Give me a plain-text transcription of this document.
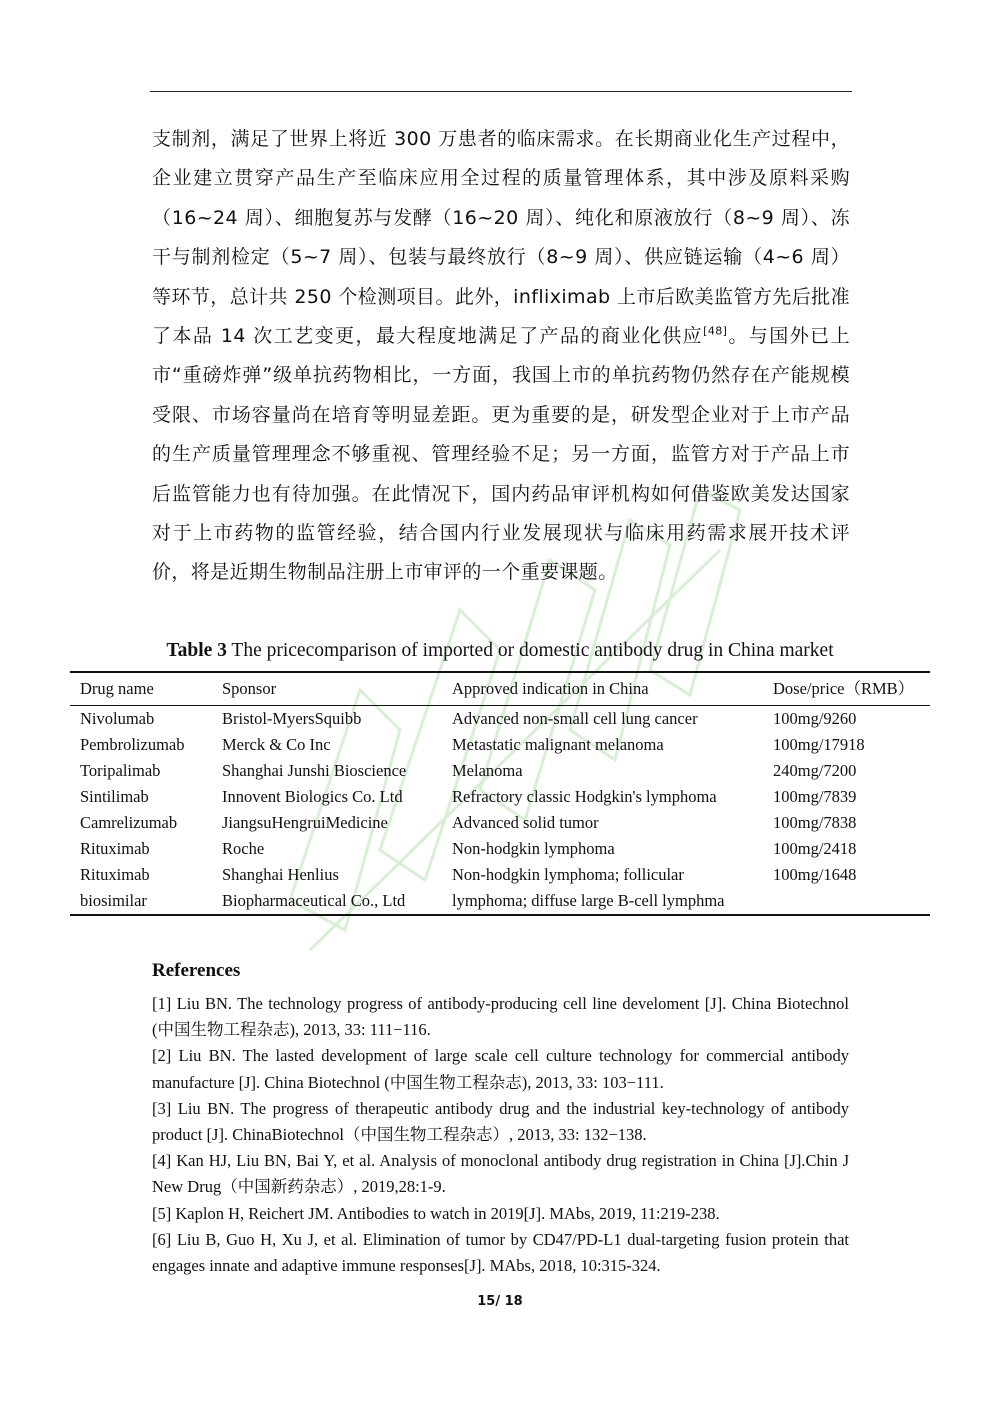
支制剂，满足了世界上将近 300 万患者的临床需求。在长期商业化生产过程中，企业建立贯穿产品生产至临床应用全过程的质量管理体系，其中涉及原料采购（16~24 周）、细胞复苏与发酵（16~20 周）、纯化和原液放行（8~9 周）、冻干与制剂检定（5~7 周）、包装与最终放行（8~9 周）、供应链运输（4~6 周）等环节，总计共 250 个检测项目。此外，infliximab 上市后欧美监管方先后批准了本品 14 次工艺变更，最大程度地满足了产品的商业化供应[48]。与国外已上市“重磅炸弹”级单抗药物相比，一方面，我国上市的单抗药物仍然存在产能规模受限、市场容量尚在培育等明显差距。更为重要的是，研发型企业对于上市产品的生产质量管理理念不够重视、管理经验不足；另一方面，监管方对于产品上市后监管能力也有待加强。在此情况下，国内药品审评机构如何借鉴欧美发达国家对于上市药物的监管经验，结合国内行业发展现状与临床用药需求展开技术评价，将是近期生物制品注册上市审评的一个重要课题。
Table 3 The pricecomparison of imported or domestic antibody drug in China market
Drug name	Sponsor	Approved indication in China	Dose/price（RMB）
Nivolumab	Bristol-MyersSquibb	Advanced non-small cell lung cancer	100mg/9260
Pembrolizumab	Merck & Co Inc	Metastatic malignant melanoma	100mg/17918
Toripalimab	Shanghai Junshi Bioscience	Melanoma	240mg/7200
Sintilimab	Innovent Biologics Co. Ltd	Refractory classic Hodgkin's lymphoma	100mg/7839
Camrelizumab	JiangsuHengruiMedicine	Advanced solid tumor	100mg/7838
Rituximab	Roche	Non-hodgkin lymphoma	100mg/2418
Rituximab	Shanghai Henlius	Non-hodgkin lymphoma; follicular	100mg/1648
biosimilar	Biopharmaceutical Co., Ltd	lymphoma; diffuse large B-cell lymphma	
References

[1] Liu BN. The technology progress of antibody-producing cell line develoment [J]. China Biotechnol (中国生物工程杂志), 2013, 33: 111−116.

[2] Liu BN. The lasted development of large scale cell culture technology for commercial antibody manufacture [J]. China Biotechnol (中国生物工程杂志), 2013, 33: 103−111.

[3] Liu BN. The progress of therapeutic antibody drug and the industrial key-technology of antibody product [J]. ChinaBiotechnol（中国生物工程杂志）, 2013, 33: 132−138.

[4] Kan HJ, Liu BN, Bai Y, et al. Analysis of monoclonal antibody drug registration in China [J].Chin J New Drug（中国新药杂志）, 2019,28:1-9.

[5] Kaplon H, Reichert JM. Antibodies to watch in 2019[J]. MAbs, 2019, 11:219-238.

[6] Liu B, Guo H, Xu J, et al. Elimination of tumor by CD47/PD-L1 dual-targeting fusion protein that engages innate and adaptive immune responses[J]. MAbs, 2018, 10:315-324.

15/ 18
